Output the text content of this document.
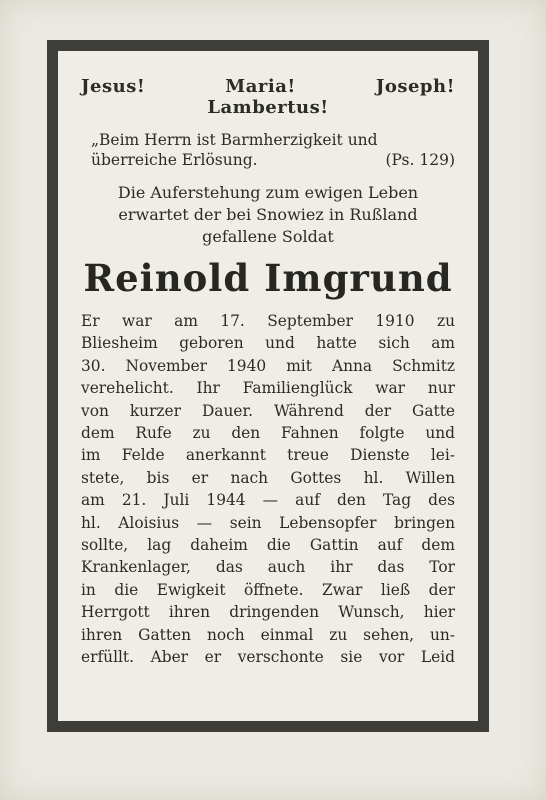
Jesus!	Maria!	Joseph!
Lambertus!
„Beim Herrn ist Barmherzigkeit und
überreiche Erlösung.	(Ps. 129)
Die Auferstehung zum ewigen Leben
erwartet der bei Snowiez in Rußland
gefallene Soldat
Reinold Imgrund
Er war am 17. September 1910 zu
Bliesheim geboren und hatte sich am
30. November 1940 mit Anna Schmitz
verehelicht. Ihr Familienglück war nur
von kurzer Dauer. Während der Gatte
dem Rufe zu den Fahnen folgte und
im Felde anerkannt treue Dienste lei-
stete, bis er nach Gottes hl. Willen
am 21. Juli 1944 — auf den Tag des
hl. Aloisius — sein Lebensopfer bringen
sollte, lag daheim die Gattin auf dem
Krankenlager, das auch ihr das Tor
in die Ewigkeit öffnete. Zwar ließ der
Herrgott ihren dringenden Wunsch, hier
ihren Gatten noch einmal zu sehen, un-
erfüllt. Aber er verschonte sie vor Leid
